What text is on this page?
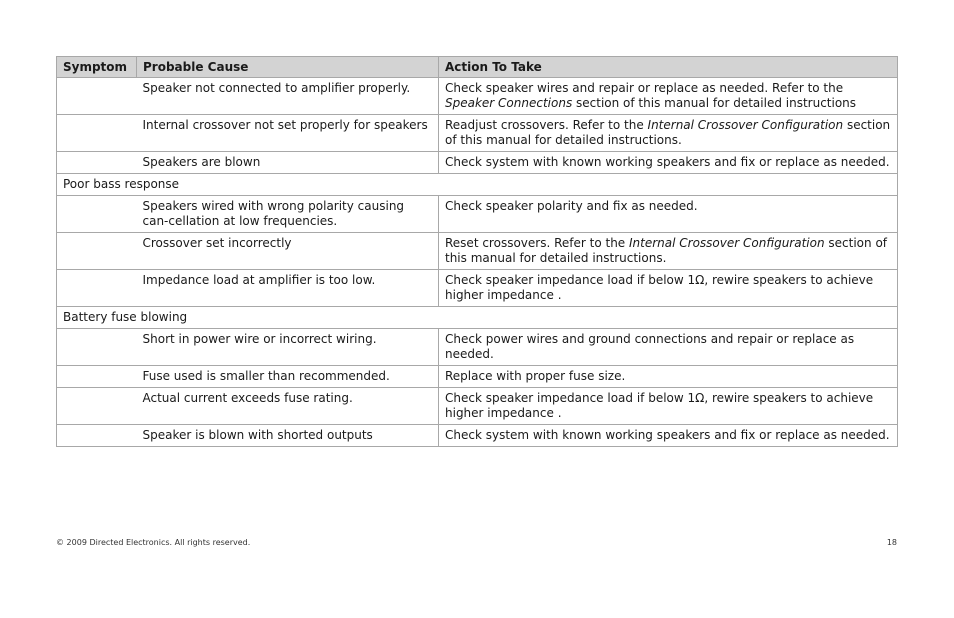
Symptom	Probable Cause	Action To Take
	Speaker not connected to amplifier properly.	Check speaker wires and repair or replace as needed. Refer to the Speaker Connections section of this manual for detailed instructions
	Internal crossover not set properly for speakers	Readjust crossovers. Refer to the Internal Crossover Configuration section of this manual for detailed instructions.
	Speakers are blown	Check system with known working speakers and fix or replace as needed.
Poor bass response		
	Speakers wired with wrong polarity causing can-cellation at low frequencies.	Check speaker polarity and fix as needed.
	Crossover set incorrectly	Reset crossovers. Refer to the Internal Crossover Configuration section of this manual for detailed instructions.
	Impedance load at amplifier is too low.	Check speaker impedance load if below 1Ω, rewire speakers to achieve higher impedance .
Battery fuse blowing		
	Short in power wire or incorrect wiring.	Check power wires and ground connections and repair or replace as needed.
	Fuse used is smaller than recommended.	Replace with proper fuse size.
	Actual current exceeds fuse rating.	Check speaker impedance load if below 1Ω, rewire speakers to achieve higher impedance .
	Speaker is blown with shorted outputs	Check system with known working speakers and fix or replace as needed.
© 2009 Directed Electronics. All rights reserved.	18
